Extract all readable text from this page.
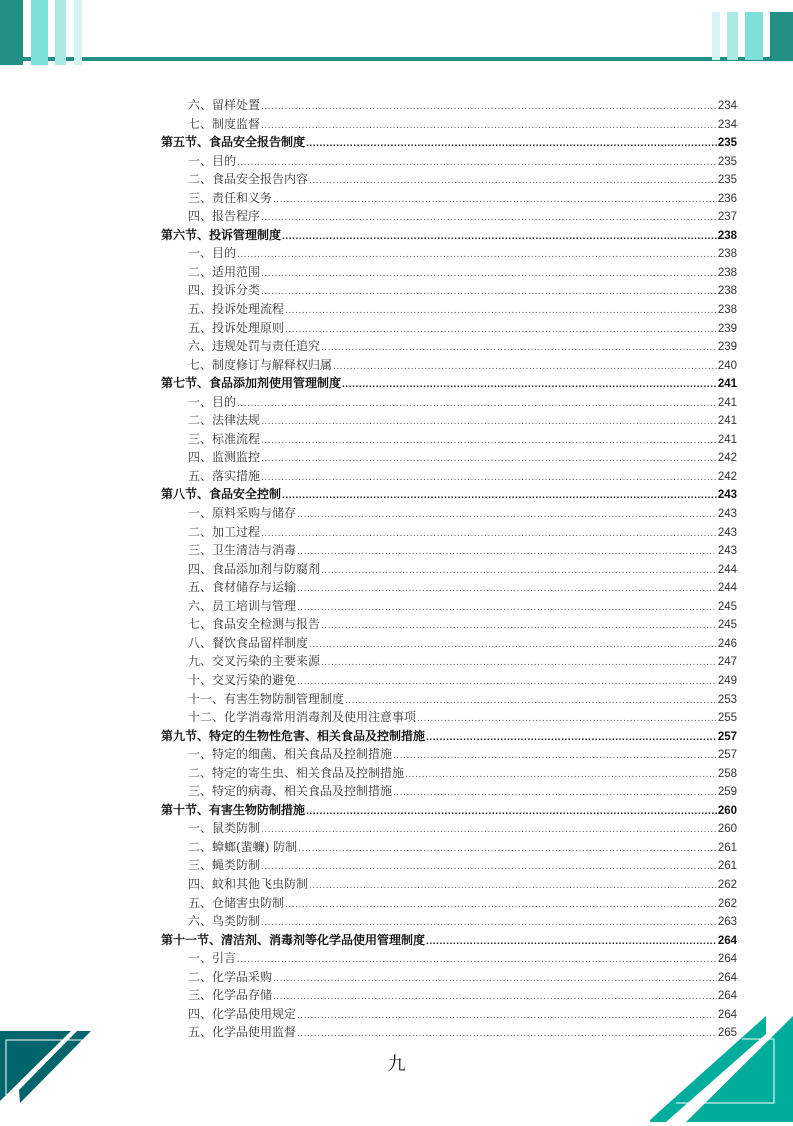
六、留样处置 .....	234
七、制度监督 .....	234
第五节、食品安全报告制度 .....	235
一、目的 .....	235
二、食品安全报告内容 .....	235
三、责任和义务 .....	236
四、报告程序 .....	237
第六节、投诉管理制度 .....	238
一、目的 .....	238
二、适用范围 .....	238
四、投诉分类 .....	238
五、投诉处理流程 .....	238
五、投诉处理原则 .....	239
六、违规处罚与责任追究 .....	239
七、制度修订与解释权归属 .....	240
第七节、食品添加剂使用管理制度 .....	241
一、目的 .....	241
二、法律法规 .....	241
三、标准流程 .....	241
四、监测监控 .....	242
五、落实措施 .....	242
第八节、食品安全控制 .....	243
一、原料采购与储存 .....	243
二、加工过程 .....	243
三、卫生清洁与消毒 .....	243
四、食品添加剂与防腐剂 .....	244
五、食材储存与运输 .....	244
六、员工培训与管理 .....	245
七、食品安全检测与报告 .....	245
八、餐饮食品留样制度 .....	246
九、交叉污染的主要来源 .....	247
十、交叉污染的避免 .....	249
十一、有害生物防制管理制度 .....	253
十二、化学消毒常用消毒剂及使用注意事项 .....	255
第九节、特定的生物性危害、相关食品及控制措施 .....	257
一、特定的细菌、相关食品及控制措施 .....	257
二、特定的寄生虫、相关食品及控制措施 .....	258
三、特定的病毒、相关食品及控制措施 .....	259
第十节、有害生物防制措施 .....	260
一、鼠类防制 .....	260
二、蟑螂(蜚蠊) 防制 .....	261
三、蝇类防制 .....	261
四、蚊和其他飞虫防制 .....	262
五、仓储害虫防制 .....	262
六、鸟类防制 .....	263
第十一节、清洁剂、消毒剂等化学品使用管理制度 .....	264
一、引言 .....	264
二、化学品采购 .....	264
三、化学品存储 .....	264
四、化学品使用规定 .....	264
五、化学品使用监督 .....	265
九
